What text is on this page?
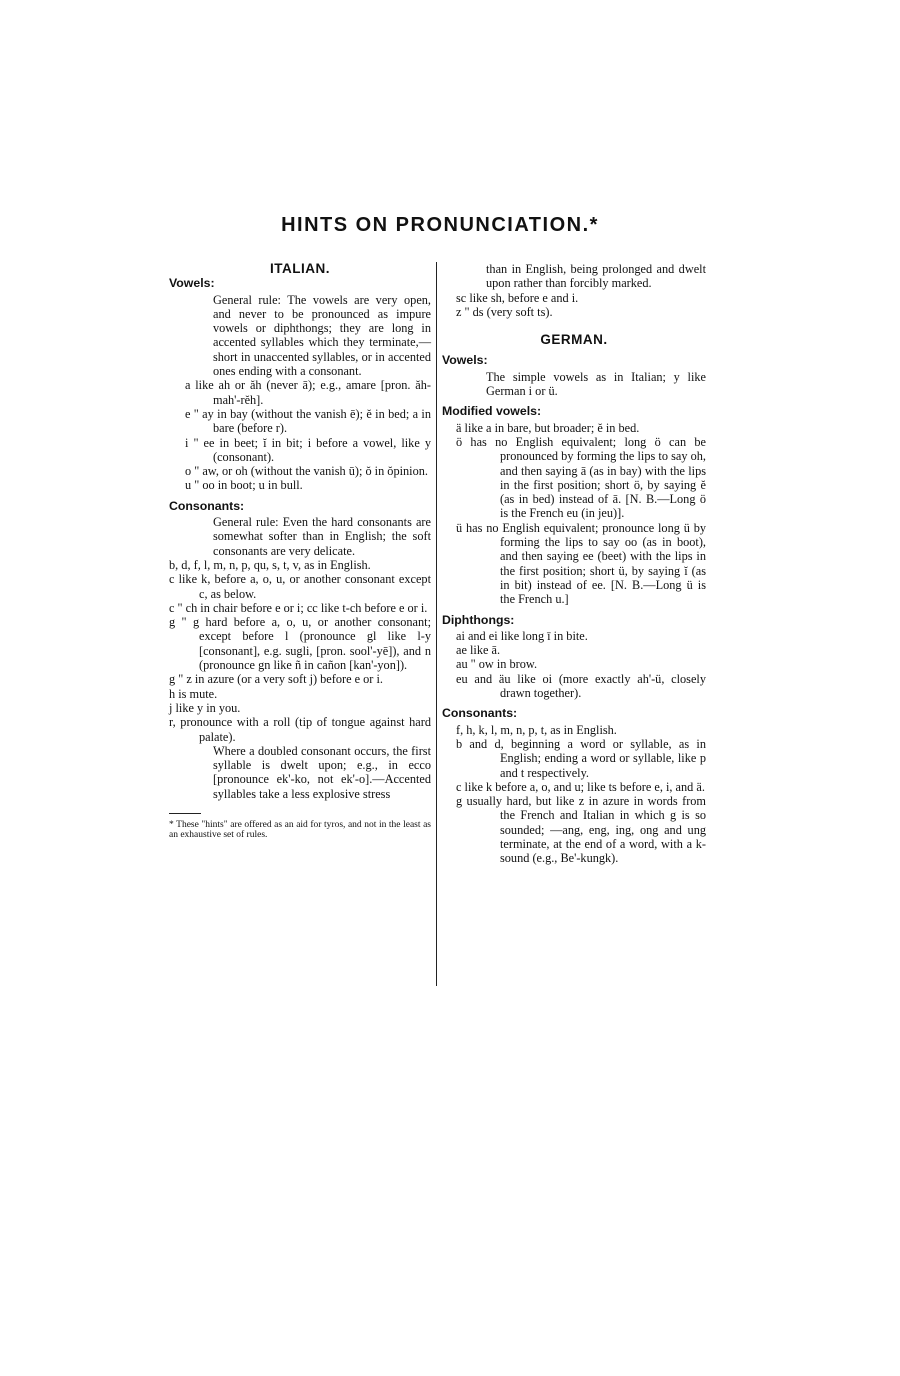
HINTS ON PRONUNCIATION.*

ITALIAN.

Vowels:

General rule: The vowels are very open, and never to be pronounced as impure vowels or diphthongs; they are long in accented syllables which they terminate,—short in unaccented syllables, or in accented ones ending with a consonant.

a like ah or ăh (never ā); e.g., amare [pron. ăh-mah'-rĕh].

e " ay in bay (without the vanish ē); ĕ in bed; a in bare (before r).

i " ee in beet; ĭ in bit; i before a vowel, like y (consonant).

o " aw, or oh (without the vanish ū); ŏ in ŏpinion.

u " oo in boot; u in bull.

Consonants:

General rule: Even the hard consonants are somewhat softer than in English; the soft consonants are very delicate.

b, d, f, l, m, n, p, qu, s, t, v, as in English.

c like k, before a, o, u, or another consonant except c, as below.

c " ch in chair before e or i; cc like t-ch before e or i.

g " g hard before a, o, u, or another consonant; except before l (pronounce gl like l-y [consonant], e.g. sugli, [pron. sool'-yē]), and n (pronounce gn like ñ in cañon [kan'-yon]).

g " z in azure (or a very soft j) before e or i.

h is mute.

j like y in you.

r, pronounce with a roll (tip of tongue against hard palate).

Where a doubled consonant occurs, the first syllable is dwelt upon; e.g., in ecco [pronounce ek'-ko, not ek'-o].—Accented syllables take a less explosive stress

* These "hints" are offered as an aid for tyros, and not in the least as an exhaustive set of rules.

than in English, being prolonged and dwelt upon rather than forcibly marked.

sc like sh, before e and i.

z " ds (very soft ts).

GERMAN.

Vowels:

The simple vowels as in Italian; y like German i or ü.

Modified vowels:

ä like a in bare, but broader; ĕ in bed.

ö has no English equivalent; long ö can be pronounced by forming the lips to say oh, and then saying ā (as in bay) with the lips in the first position; short ö, by saying ĕ (as in bed) instead of ā. [N. B.—Long ö is the French eu (in jeu)].

ü has no English equivalent; pronounce long ü by forming the lips to say oo (as in boot), and then saying ee (beet) with the lips in the first position; short ü, by saying ĭ (as in bit) instead of ee. [N. B.—Long ü is the French u.]

Diphthongs:

ai and ei like long ī in bite.

ae like ā.

au " ow in brow.

eu and äu like oi (more exactly ah'-ü, closely drawn together).

Consonants:

f, h, k, l, m, n, p, t, as in English.

b and d, beginning a word or syllable, as in English; ending a word or syllable, like p and t respectively.

c like k before a, o, and u; like ts before e, i, and ä.

g usually hard, but like z in azure in words from the French and Italian in which g is so sounded; —ang, eng, ing, ong and ung terminate, at the end of a word, with a k-sound (e.g., Be'-kungk).
